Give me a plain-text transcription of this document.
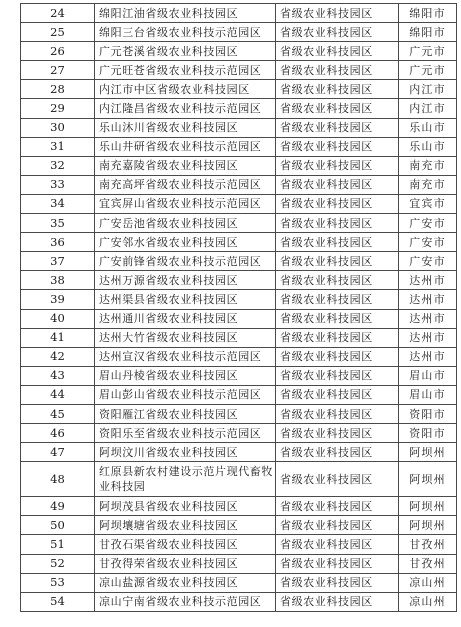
24	绵阳江油省级农业科技园区	省级农业科技园区	绵阳市
25	绵阳三台省级农业科技示范园区	省级农业科技园区	绵阳市
26	广元苍溪省级农业科技园区	省级农业科技园区	广元市
27	广元旺苍省级农业科技示范园区	省级农业科技园区	广元市
28	内江市中区省级农业科技园区	省级农业科技园区	内江市
29	内江隆昌省级农业科技示范园区	省级农业科技园区	内江市
30	乐山沐川省级农业科技园区	省级农业科技园区	乐山市
31	乐山井研省级农业科技示范园区	省级农业科技园区	乐山市
32	南充嘉陵省级农业科技园区	省级农业科技园区	南充市
33	南充高坪省级农业科技示范园区	省级农业科技园区	南充市
34	宜宾屏山省级农业科技示范园区	省级农业科技园区	宜宾市
35	广安岳池省级农业科技园区	省级农业科技园区	广安市
36	广安邻水省级农业科技园区	省级农业科技园区	广安市
37	广安前锋省级农业科技示范园区	省级农业科技园区	广安市
38	达州万源省级农业科技园区	省级农业科技园区	达州市
39	达州渠县省级农业科技园区	省级农业科技园区	达州市
40	达州通川省级农业科技园区	省级农业科技园区	达州市
41	达州大竹省级农业科技园区	省级农业科技园区	达州市
42	达州宣汉省级农业科技示范园区	省级农业科技园区	达州市
43	眉山丹棱省级农业科技园区	省级农业科技园区	眉山市
44	眉山彭山省级农业科技示范园区	省级农业科技园区	眉山市
45	资阳雁江省级农业科技园区	省级农业科技园区	资阳市
46	资阳乐至省级农业科技示范园区	省级农业科技园区	资阳市
47	阿坝汶川省级农业科技园区	省级农业科技园区	阿坝州
48	红原县新农村建设示范片现代畜牧业科技园	省级农业科技园区	阿坝州
49	阿坝茂县省级农业科技园区	省级农业科技园区	阿坝州
50	阿坝壤塘省级农业科技园区	省级农业科技园区	阿坝州
51	甘孜石渠省级农业科技园区	省级农业科技园区	甘孜州
52	甘孜得荣省级农业科技园区	省级农业科技园区	甘孜州
53	凉山盐源省级农业科技园区	省级农业科技园区	凉山州
54	凉山宁南省级农业科技示范园区	省级农业科技园区	凉山州
